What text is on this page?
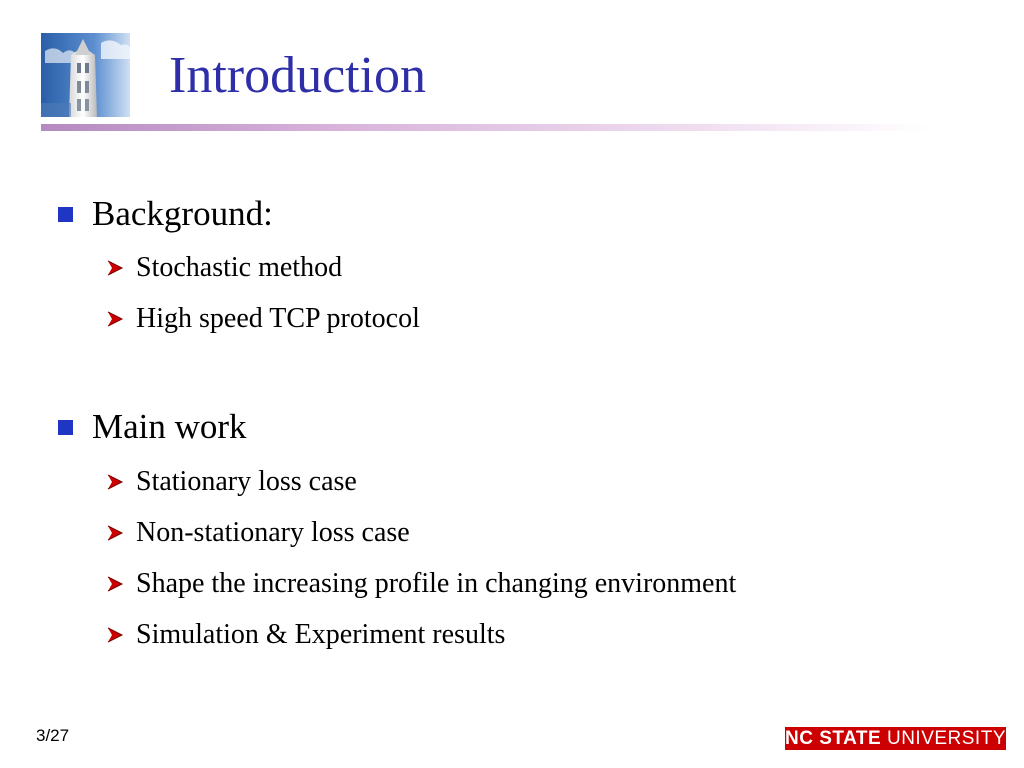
Introduction
Background:
Stochastic method
High speed TCP protocol
Main work
Stationary loss case
Non-stationary loss case
Shape the increasing profile in changing environment
Simulation & Experiment results
3/27	NC STATE UNIVERSITY
